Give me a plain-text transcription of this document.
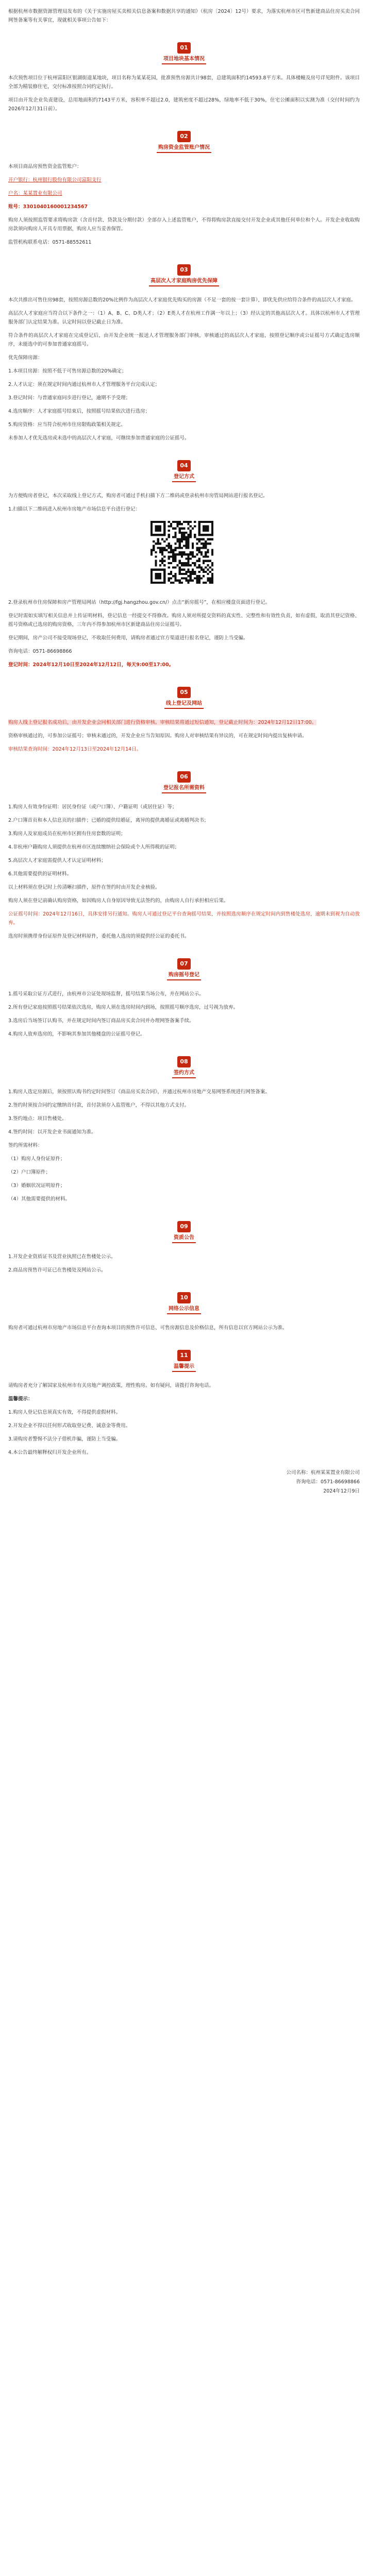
根据杭州市数据资源管理局发布的《关于实施房屋买卖相关信息备案和数据共享的通知》（杭房〔2024〕12号）要求，为落实杭州市区可售新建商品住房买卖合同网签备案等有关事宜，现就相关事项公告如下：

01
项目地块基本情况

本次预售项目位于杭州富阳区银湖街道某地块，项目名称为某某花园，批准预售房源共计98套，总建筑面积约14593.8平方米。具体楼幢及房号详见附件。该项目全部为精装修住宅，交付标准按照合同约定执行。

项目由开发企业负责建设，总用地面积约7143平方米，容积率不超过2.0，建筑密度不超过28%，绿地率不低于30%，住宅公摊面积以实测为准（交付时间约为2026年12月31日前）。

02
购房资金监管账户情况

本项目商品房预售资金监管账户：

开户银行：杭州银行股份有限公司富阳支行

户名：某某置业有限公司

账号：3301040160001234567

购房人须按照监管要求将购房款（含首付款、贷款及分期付款）全部存入上述监管账户，不得将购房款直接交付开发企业或其他任何单位和个人。开发企业收取购房款须向购房人开具专用票据，购房人应当妥善保管。

监管机构联系电话：0571-88552611

03
高层次人才家庭购房优先保障

本次共推出可售住房98套，按照房源总数的20%比例作为高层次人才家庭优先购买的房源（不足一套的按一套计算），即优先供应给符合条件的高层次人才家庭。

高层次人才家庭应当符合以下条件之一：（1）A、B、C、D类人才；（2）E类人才在杭州工作满一年以上；（3）经认定的其他高层次人才。具体以杭州市人才管理服务部门认定结果为准。认定时间以登记截止日为准。

符合条件的高层次人才家庭在完成登记后，由开发企业统一报送人才管理服务部门审核，审核通过的高层次人才家庭，按照登记顺序或公证摇号方式确定选房顺序，未能选中的可参加普通家庭摇号。

优先保障房源：

1.本项目房源：按照不低于可售房源总数的20%确定；

2.人才认定：须在规定时间内通过杭州市人才管理服务平台完成认定；

3.登记时间：与普通家庭同步进行登记，逾期不予受理；

4.选房顺序：人才家庭摇号结束后，按照摇号结果依次进行选房；

5.购房资格：应当符合杭州市住房限购政策相关规定。

未参加人才优先选房或未选中的高层次人才家庭，可继续参加普通家庭的公证摇号。

04
登记方式

为方便购房者登记，本次采取线上登记方式，购房者可通过手机扫描下方二维码或登录杭州市房管局网站进行报名登记。

1.扫描以下二维码进入杭州市房地产市场信息平台进行登记：

2.登录杭州市住房保障和房产管理局网站（http://fgj.hangzhou.gov.cn/）点击“新房摇号”，在相应楼盘页面进行登记。

登记时需如实填写相关信息并上传证明材料，登记信息一经提交不得修改。购房人须对所提交资料的真实性、完整性和有效性负责，如有虚假，取消其登记资格、摇号资格或已选房的购房资格，三年内不得参加杭州市区新建商品住房公证摇号。

登记期间，房产公司不接受现场登记，不收取任何费用，请购房者通过官方渠道进行报名登记，谨防上当受骗。

咨询电话：0571-86698866

登记时间：2024年12月10日至2024年12月12日，每天9:00至17:00。

05
线上登记及网站

购房人线上登记报名成功后，由开发企业会同相关部门进行资格审核。审核结果将通过短信通知，登记截止时间为：2024年12月12日17:00。

资格审核通过的，可参加公证摇号；审核未通过的，开发企业应当告知原因。购房人对审核结果有异议的，可在规定时间内提出复核申请。

审核结果查询时间：2024年12月13日至2024年12月14日。

06
登记报名所需资料

1.购房人有效身份证明：居民身份证（或户口簿）、户籍证明（或居住证）等；

2.户口簿首页和本人信息页的扫描件；已婚的提供结婚证，离异的提供离婚证或离婚判决书；

3.购房人及家庭成员在杭州市区拥有住房套数的证明；

4.非杭州户籍购房人须提供在杭州市区连续缴纳社会保险或个人所得税的证明；

5.高层次人才家庭需提供人才认定证明材料；

6.其他需要提供的证明材料。

以上材料须在登记时上传清晰扫描件，原件在签约时由开发企业核验。

购房人须在登记前确认购房资格，如因购房人自身原因导致无法签约的，由购房人自行承担相应后果。

公证摇号时间：2024年12月16日，具体安排另行通知。购房人可通过登记平台查询摇号结果，并按照选房顺序在规定时间内到售楼处选房，逾期未到视为自动放弃。

选房时须携带身份证原件及登记材料原件，委托他人选房的须提供经公证的委托书。

07
购房摇号登记

1.摇号采取公证方式进行，由杭州市公证处现场监督，摇号结果当场公布，并在网站公示。

2.所有登记家庭按照摇号结果依次选房，购房人须在选房时间内到场，按照摇号顺序选房，过号视为放弃。

3.选房后当场签订认购书，并在规定时间内签订商品房买卖合同并办理网签备案手续。

4.购房人放弃选房的，不影响其参加其他楼盘的公证摇号登记。

08
签约方式

1.购房人选定房源后，须按照认购书约定时间签订《商品房买卖合同》，并通过杭州市房地产交易网签系统进行网签备案。

2.签约时须按合同约定缴纳首付款，首付款须存入监管账户，不得以其他方式支付。

3.签约地点：项目售楼处。

4.签约时间：以开发企业书面通知为准。

签约所需材料：

（1）购房人身份证原件；

（2）户口簿原件；

（3）婚姻状况证明原件；

（4）其他需要提供的材料。

09
资质公告

1.开发企业资质证书及营业执照已在售楼处公示。

2.商品房预售许可证已在售楼处及网站公示。

10
网络公示信息

购房者可通过杭州市房地产市场信息平台查询本项目的预售许可信息、可售房源信息及价格信息，所有信息以官方网站公示为准。

11
温馨提示

请购房者充分了解国家及杭州市有关房地产调控政策，理性购房。如有疑问，请拨打咨询电话。

温馨提示：

1.购房人登记信息须真实有效，不得提供虚假材料。

2.开发企业不得以任何形式收取登记费、诚意金等费用。

3.请购房者警惕不法分子借机诈骗，谨防上当受骗。

4.本公告最终解释权归开发企业所有。

公司名称：杭州某某置业有限公司
咨询电话：0571-86698866
2024年12月9日
